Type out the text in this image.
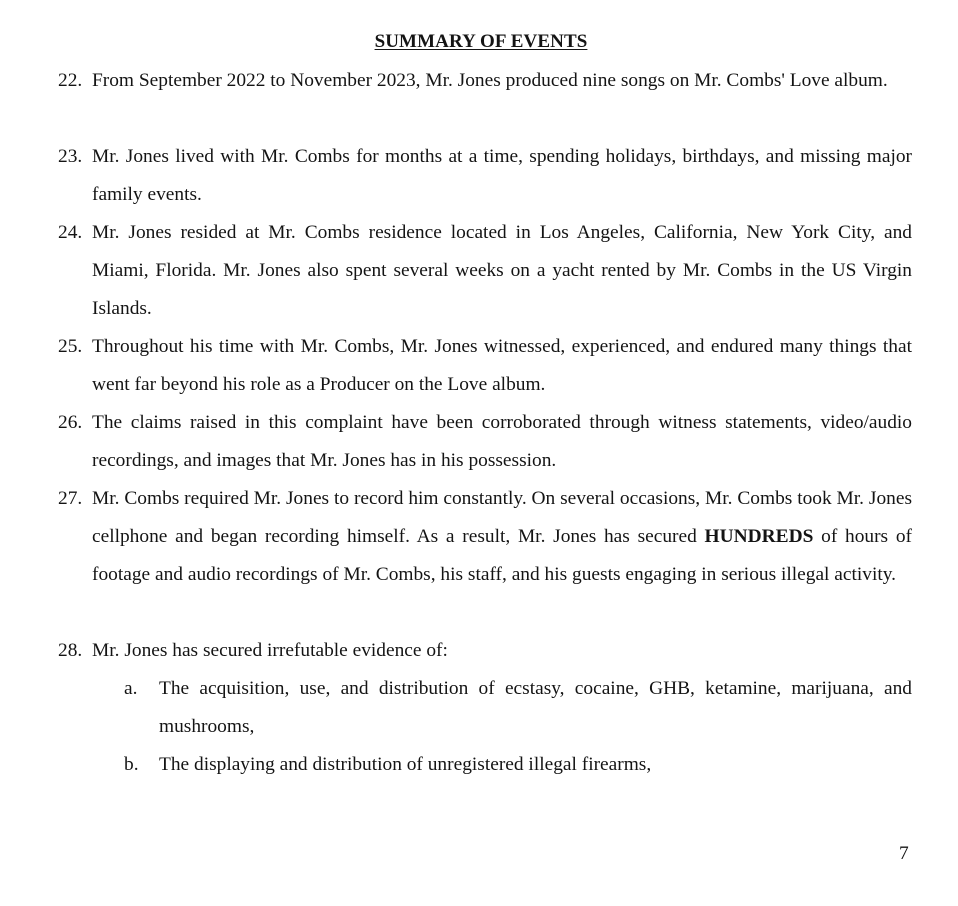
SUMMARY OF EVENTS
22. From September 2022 to November 2023, Mr. Jones produced nine songs on Mr. Combs' Love album.
23. Mr. Jones lived with Mr. Combs for months at a time, spending holidays, birthdays, and missing major family events.
24. Mr. Jones resided at Mr. Combs residence located in Los Angeles, California, New York City, and Miami, Florida. Mr. Jones also spent several weeks on a yacht rented by Mr. Combs in the US Virgin Islands.
25. Throughout his time with Mr. Combs, Mr. Jones witnessed, experienced, and endured many things that went far beyond his role as a Producer on the Love album.
26. The claims raised in this complaint have been corroborated through witness statements, video/audio recordings, and images that Mr. Jones has in his possession.
27. Mr. Combs required Mr. Jones to record him constantly. On several occasions, Mr. Combs took Mr. Jones cellphone and began recording himself. As a result, Mr. Jones has secured HUNDREDS of hours of footage and audio recordings of Mr. Combs, his staff, and his guests engaging in serious illegal activity.
28. Mr. Jones has secured irrefutable evidence of:
a. The acquisition, use, and distribution of ecstasy, cocaine, GHB, ketamine, marijuana, and mushrooms,
b. The displaying and distribution of unregistered illegal firearms,
7
